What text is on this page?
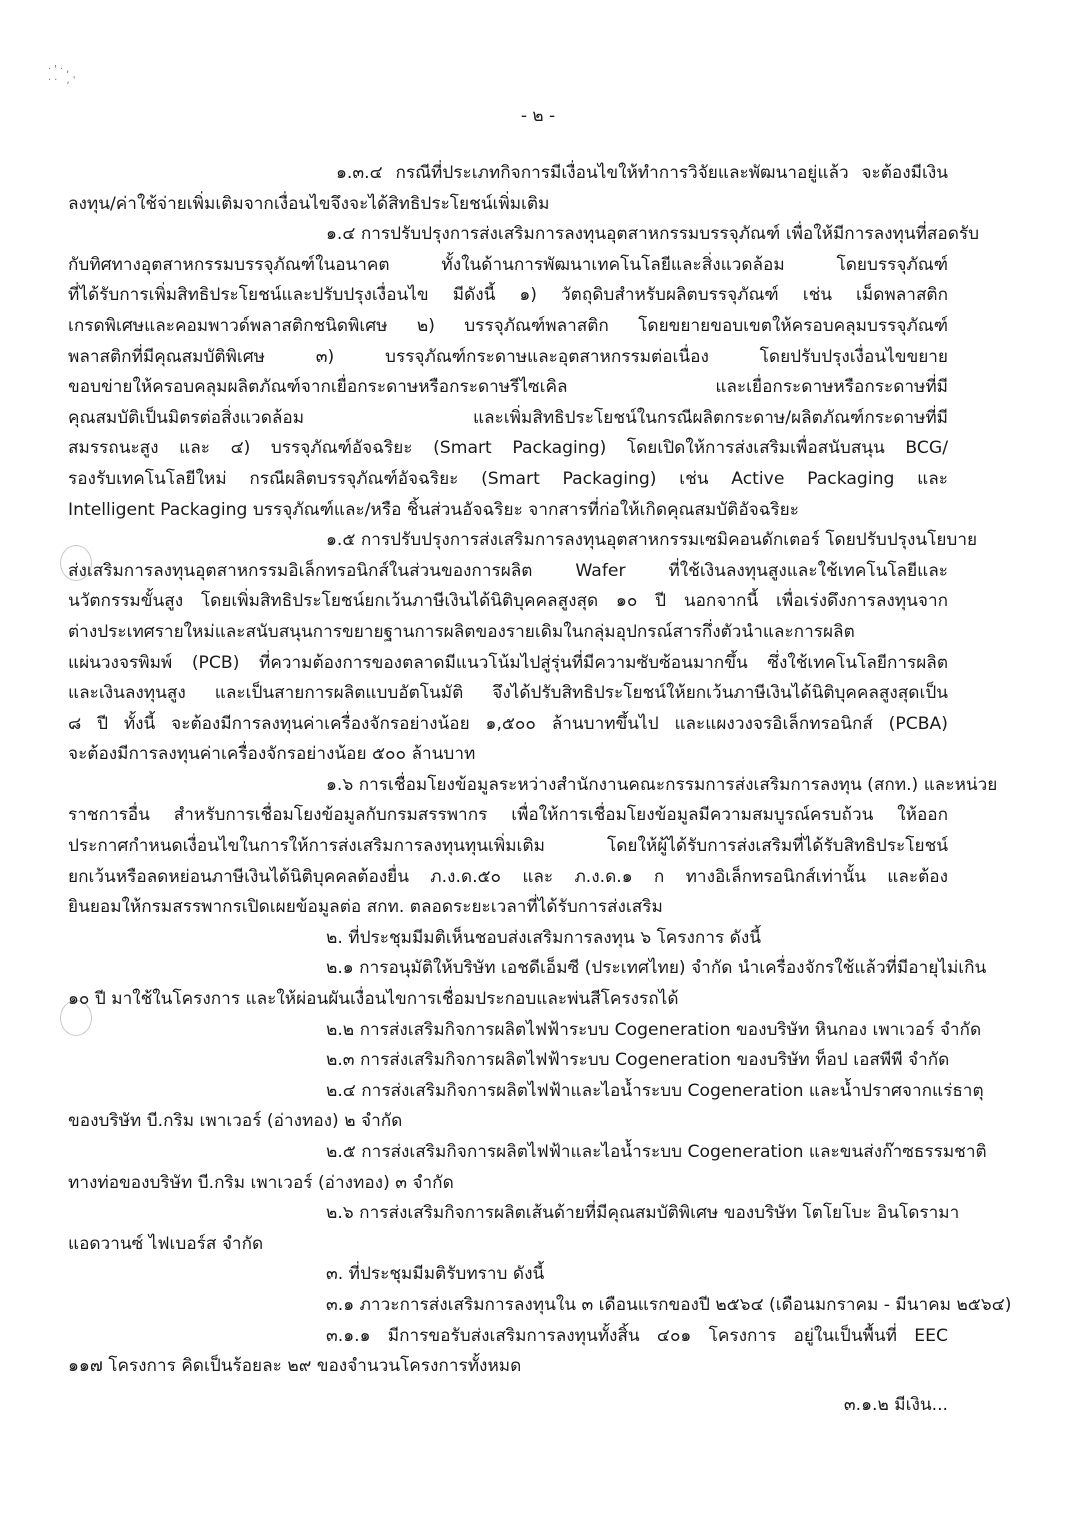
·'·,
·· ,'
- ๒ -

๑.๓.๔ กรณีที่ประเภทกิจการมีเงื่อนไขให้ทำการวิจัยและพัฒนาอยู่แล้ว จะต้องมีเงิน

ลงทุน/ค่าใช้จ่ายเพิ่มเติมจากเงื่อนไขจึงจะได้สิทธิประโยชน์เพิ่มเติม

๑.๔ การปรับปรุงการส่งเสริมการลงทุนอุตสาหกรรมบรรจุภัณฑ์ เพื่อให้มีการลงทุนที่สอดรับ

กับทิศทางอุตสาหกรรมบรรจุภัณฑ์ในอนาคต ทั้งในด้านการพัฒนาเทคโนโลยีและสิ่งแวดล้อม โดยบรรจุภัณฑ์

ที่ได้รับการเพิ่มสิทธิประโยชน์และปรับปรุงเงื่อนไข มีดังนี้ ๑) วัตถุดิบสำหรับผลิตบรรจุภัณฑ์ เช่น เม็ดพลาสติก

เกรดพิเศษและคอมพาวด์พลาสติกชนิดพิเศษ ๒) บรรจุภัณฑ์พลาสติก โดยขยายขอบเขตให้ครอบคลุมบรรจุภัณฑ์

พลาสติกที่มีคุณสมบัติพิเศษ ๓) บรรจุภัณฑ์กระดาษและอุตสาหกรรมต่อเนื่อง โดยปรับปรุงเงื่อนไขขยาย

ขอบข่ายให้ครอบคลุมผลิตภัณฑ์จากเยื่อกระดาษหรือกระดาษรีไซเคิล และเยื่อกระดาษหรือกระดาษที่มี

คุณสมบัติเป็นมิตรต่อสิ่งแวดล้อม และเพิ่มสิทธิประโยชน์ในกรณีผลิตกระดาษ/ผลิตภัณฑ์กระดาษที่มี

สมรรถนะสูง และ ๔) บรรจุภัณฑ์อัจฉริยะ (Smart Packaging) โดยเปิดให้การส่งเสริมเพื่อสนับสนุน BCG/

รองรับเทคโนโลยีใหม่ กรณีผลิตบรรจุภัณฑ์อัจฉริยะ (Smart Packaging) เช่น Active Packaging และ

Intelligent Packaging บรรจุภัณฑ์และ/หรือ ชิ้นส่วนอัจฉริยะ จากสารที่ก่อให้เกิดคุณสมบัติอัจฉริยะ

๑.๕ การปรับปรุงการส่งเสริมการลงทุนอุตสาหกรรมเซมิคอนดักเตอร์ โดยปรับปรุงนโยบาย

ส่งเสริมการลงทุนอุตสาหกรรมอิเล็กทรอนิกส์ในส่วนของการผลิต Wafer ที่ใช้เงินลงทุนสูงและใช้เทคโนโลยีและ

นวัตกรรมขั้นสูง โดยเพิ่มสิทธิประโยชน์ยกเว้นภาษีเงินได้นิติบุคคลสูงสุด ๑๐ ปี นอกจากนี้ เพื่อเร่งดึงการลงทุนจาก

ต่างประเทศรายใหม่และสนับสนุนการขยายฐานการผลิตของรายเดิมในกลุ่มอุปกรณ์สารกึ่งตัวนำและการผลิต

แผ่นวงจรพิมพ์ (PCB) ที่ความต้องการของตลาดมีแนวโน้มไปสู่รุ่นที่มีความซับซ้อนมากขึ้น ซึ่งใช้เทคโนโลยีการผลิต

และเงินลงทุนสูง และเป็นสายการผลิตแบบอัตโนมัติ จึงได้ปรับสิทธิประโยชน์ให้ยกเว้นภาษีเงินได้นิติบุคคลสูงสุดเป็น

๘ ปี ทั้งนี้ จะต้องมีการลงทุนค่าเครื่องจักรอย่างน้อย ๑,๕๐๐ ล้านบาทขึ้นไป และแผงวงจรอิเล็กทรอนิกส์ (PCBA)

จะต้องมีการลงทุนค่าเครื่องจักรอย่างน้อย ๕๐๐ ล้านบาท

๑.๖ การเชื่อมโยงข้อมูลระหว่างสำนักงานคณะกรรมการส่งเสริมการลงทุน (สกท.) และหน่วย

ราชการอื่น สำหรับการเชื่อมโยงข้อมูลกับกรมสรรพากร เพื่อให้การเชื่อมโยงข้อมูลมีความสมบูรณ์ครบถ้วน ให้ออก

ประกาศกำหนดเงื่อนไขในการให้การส่งเสริมการลงทุนทุนเพิ่มเติม โดยให้ผู้ได้รับการส่งเสริมที่ได้รับสิทธิประโยชน์

ยกเว้นหรือลดหย่อนภาษีเงินได้นิติบุคคลต้องยื่น ภ.ง.ด.๕๐ และ ภ.ง.ด.๑ ก ทางอิเล็กทรอนิกส์เท่านั้น และต้อง

ยินยอมให้กรมสรรพากรเปิดเผยข้อมูลต่อ สกท. ตลอดระยะเวลาที่ได้รับการส่งเสริม

๒. ที่ประชุมมีมติเห็นชอบส่งเสริมการลงทุน ๖ โครงการ ดังนี้

๒.๑ การอนุมัติให้บริษัท เอชดีเอ็มซี (ประเทศไทย) จำกัด นำเครื่องจักรใช้แล้วที่มีอายุไม่เกิน

๑๐ ปี มาใช้ในโครงการ และให้ผ่อนผันเงื่อนไขการเชื่อมประกอบและพ่นสีโครงรถได้

๒.๒ การส่งเสริมกิจการผลิตไฟฟ้าระบบ Cogeneration ของบริษัท หินกอง เพาเวอร์ จำกัด

๒.๓ การส่งเสริมกิจการผลิตไฟฟ้าระบบ Cogeneration ของบริษัท ท็อป เอสพีพี จำกัด

๒.๔ การส่งเสริมกิจการผลิตไฟฟ้าและไอน้ำระบบ Cogeneration และน้ำปราศจากแร่ธาตุ

ของบริษัท บี.กริม เพาเวอร์ (อ่างทอง) ๒ จำกัด

๒.๕ การส่งเสริมกิจการผลิตไฟฟ้าและไอน้ำระบบ Cogeneration และขนส่งก๊าซธรรมชาติ

ทางท่อของบริษัท บี.กริม เพาเวอร์ (อ่างทอง) ๓ จำกัด

๒.๖ การส่งเสริมกิจการผลิตเส้นด้ายที่มีคุณสมบัติพิเศษ ของบริษัท โตโยโบะ อินโดรามา

แอดวานซ์ ไฟเบอร์ส จำกัด

๓. ที่ประชุมมีมติรับทราบ ดังนี้

๓.๑ ภาวะการส่งเสริมการลงทุนใน ๓ เดือนแรกของปี ๒๕๖๔ (เดือนมกราคม - มีนาคม ๒๕๖๔)

๓.๑.๑ มีการขอรับส่งเสริมการลงทุนทั้งสิ้น ๔๐๑ โครงการ อยู่ในเป็นพื้นที่ EEC

๑๑๗ โครงการ คิดเป็นร้อยละ ๒๙ ของจำนวนโครงการทั้งหมด

๓.๑.๒ มีเงิน...
